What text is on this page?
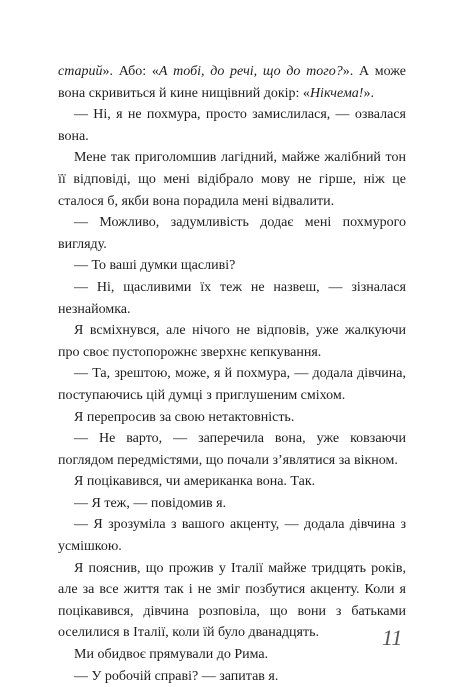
старий». Або: «А тобі, до речі, що до того?». А може вона скривиться й кине нищівний докір: «Нікчема!».

— Ні, я не похмура, просто замислилася, — озвалася вона.

Мене так приголомшив лагідний, майже жалібний тон її відповіді, що мені відібрало мову не гірше, ніж це сталося б, якби вона порадила мені відвалити.

— Можливо, задумливість додає мені похмурого вигляду.

— То ваші думки щасливі?

— Ні, щасливими їх теж не назвеш, — зізналася незнайомка.

Я всміхнувся, але нічого не відповів, уже жалкуючи про своє пустопорожнє зверхнє кепкування.

— Та, зрештою, може, я й похмура, — додала дівчина, поступаючись цій думці з приглушеним сміхом.

Я перепросив за свою нетактовність.

— Не варто, — заперечила вона, уже ковзаючи поглядом передмістями, що почали з’являтися за вікном.

Я поцікавився, чи американка вона. Так.

— Я теж, — повідомив я.

— Я зрозуміла з вашого акценту, — додала дівчина з усмішкою.

Я пояснив, що прожив у Італії майже тридцять років, але за все життя так і не зміг позбутися акценту. Коли я поцікавився, дівчина розповіла, що вони з батьками оселилися в Італії, коли їй було дванадцять.

Ми обидвоє прямували до Рима.

— У робочій справі? — запитав я.

11
